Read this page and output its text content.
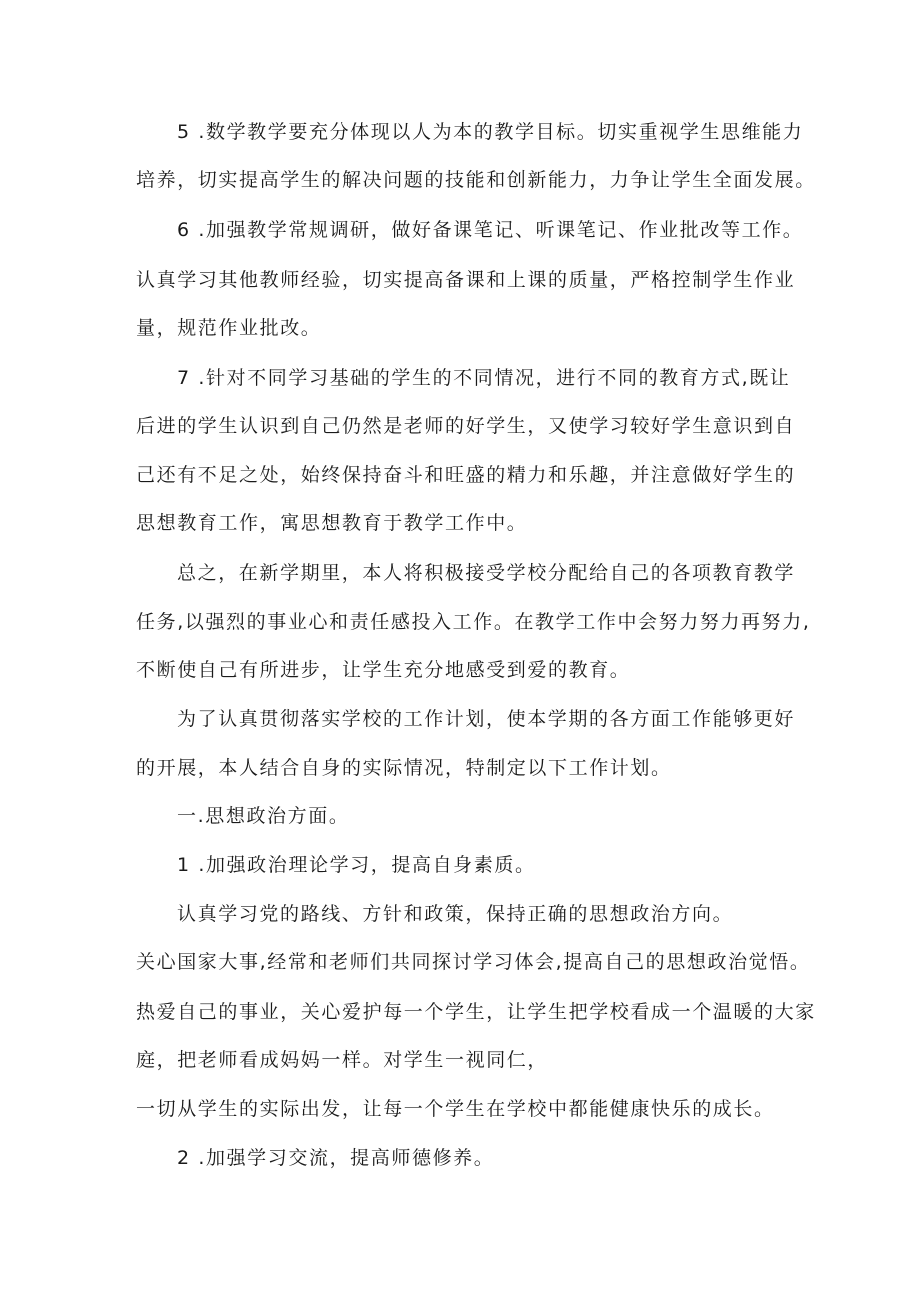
5 .数学教学要充分体现以人为本的教学目标。切实重视学生思维能力
培养，切实提高学生的解决问题的技能和创新能力，力争让学生全面发展。
6 .加强教学常规调研，做好备课笔记、听课笔记、作业批改等工作。
认真学习其他教师经验，切实提高备课和上课的质量，严格控制学生作业
量，规范作业批改。
7 .针对不同学习基础的学生的不同情况，进行不同的教育方式,既让
后进的学生认识到自己仍然是老师的好学生，又使学习较好学生意识到自
己还有不足之处，始终保持奋斗和旺盛的精力和乐趣，并注意做好学生的
思想教育工作，寓思想教育于教学工作中。
总之，在新学期里，本人将积极接受学校分配给自己的各项教育教学
任务,以强烈的事业心和责任感投入工作。在教学工作中会努力努力再努力,
不断使自己有所进步，让学生充分地感受到爱的教育。
为了认真贯彻落实学校的工作计划，使本学期的各方面工作能够更好
的开展，本人结合自身的实际情况，特制定以下工作计划。
一.思想政治方面。
1 .加强政治理论学习，提高自身素质。
认真学习党的路线、方针和政策，保持正确的思想政治方向。
关心国家大事,经常和老师们共同探讨学习体会,提高自己的思想政治觉悟。
热爱自己的事业，关心爱护每一个学生，让学生把学校看成一个温暖的大家
庭，把老师看成妈妈一样。对学生一视同仁，
一切从学生的实际出发，让每一个学生在学校中都能健康快乐的成长。
2 .加强学习交流，提高师德修养。
